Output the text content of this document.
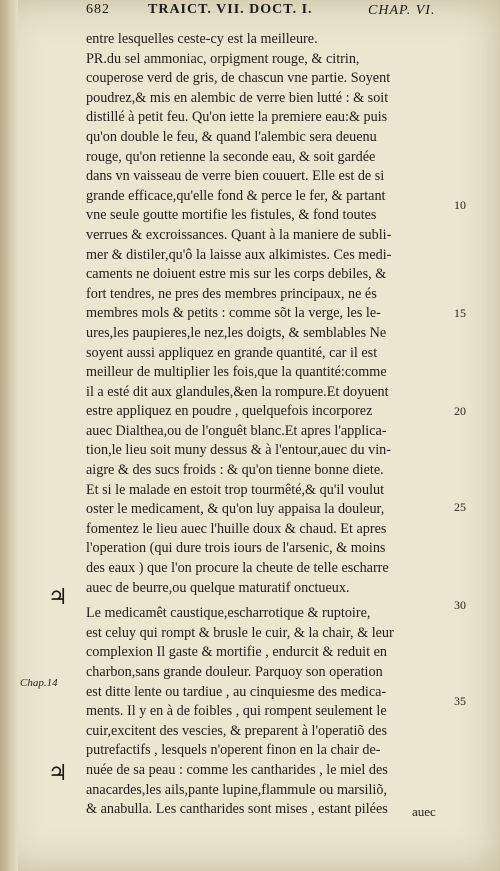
682	TRAICT. VII. DOCT. I.	CHAP. VI.
entre lesquelles ceste-cy est la meilleure.
PR.du sel ammoniac, orpigment rouge, & citrin,
couperose verd de gris, de chascun vne partie. Soyent
poudrez,& mis en alembic de verre bien lutté : & soit
distillé à petit feu. Qu'on iette la premiere eau:& puis
qu'on double le feu, & quand l'alembic sera deuenu
rouge, qu'on retienne la seconde eau, & soit gardée
dans vn vaisseau de verre bien couuert. Elle est de si
grande efficace,qu'elle fond & perce le fer, & partant
vne seule goutte mortifie les fistules, & fond toutes
verrues & excroissances. Quant à la maniere de subli-
mer & distiler,qu'ô la laisse aux alkimistes. Ces medi-
caments ne doiuent estre mis sur les corps debiles, &
fort tendres, ne pres des membres principaux, ne és
membres mols & petits : comme sõt la verge, les le-
ures,les paupieres,le nez,les doigts, & semblables Ne
soyent aussi appliquez en grande quantité, car il est
meilleur de multiplier les fois,que la quantité:comme
il a esté dit aux glandules,&en la rompure.Et doyuent
estre appliquez en poudre , quelquefois incorporez
auec Dialthea,ou de l'onguêt blanc.Et apres l'applica-
tion,le lieu soit muny dessus & à l'entour,auec du vin-
aigre & des sucs froids : & qu'on tienne bonne diete.
Et si le malade en estoit trop tourmêté,& qu'il voulut
oster le medicament, & qu'on luy appaisa la douleur,
fomentez le lieu auec l'huille doux & chaud. Et apres
l'operation (qui dure trois iours de l'arsenic, & moins
des eaux ) que l'on procure la cheute de telle escharre
auec de beurre,ou quelque maturatif onctueux.
Le medicamêt caustique,escharrotique & ruptoire,
est celuy qui rompt & brusle le cuir, & la chair, & leur
complexion Il gaste & mortifie , endurcit & reduit en
charbon,sans grande douleur. Parquoy son operation
est ditte lente ou tardiue , au cinquiesme des medica-
ments. Il y en à de foibles , qui rompent seulement le
cuir,excitent des vescies, & preparent à l'operatiõ des
putrefactifs , lesquels n'operent finon en la chair de-
nuée de sa peau : comme les cantharides , le miel des
anacardes,les ails,pante lupine,flammule ou marsiliõ,
& anabulla. Les cantharides sont mises , estant pilées
10
15
20
25
30
35
♃
♃
Chap.14
auec
